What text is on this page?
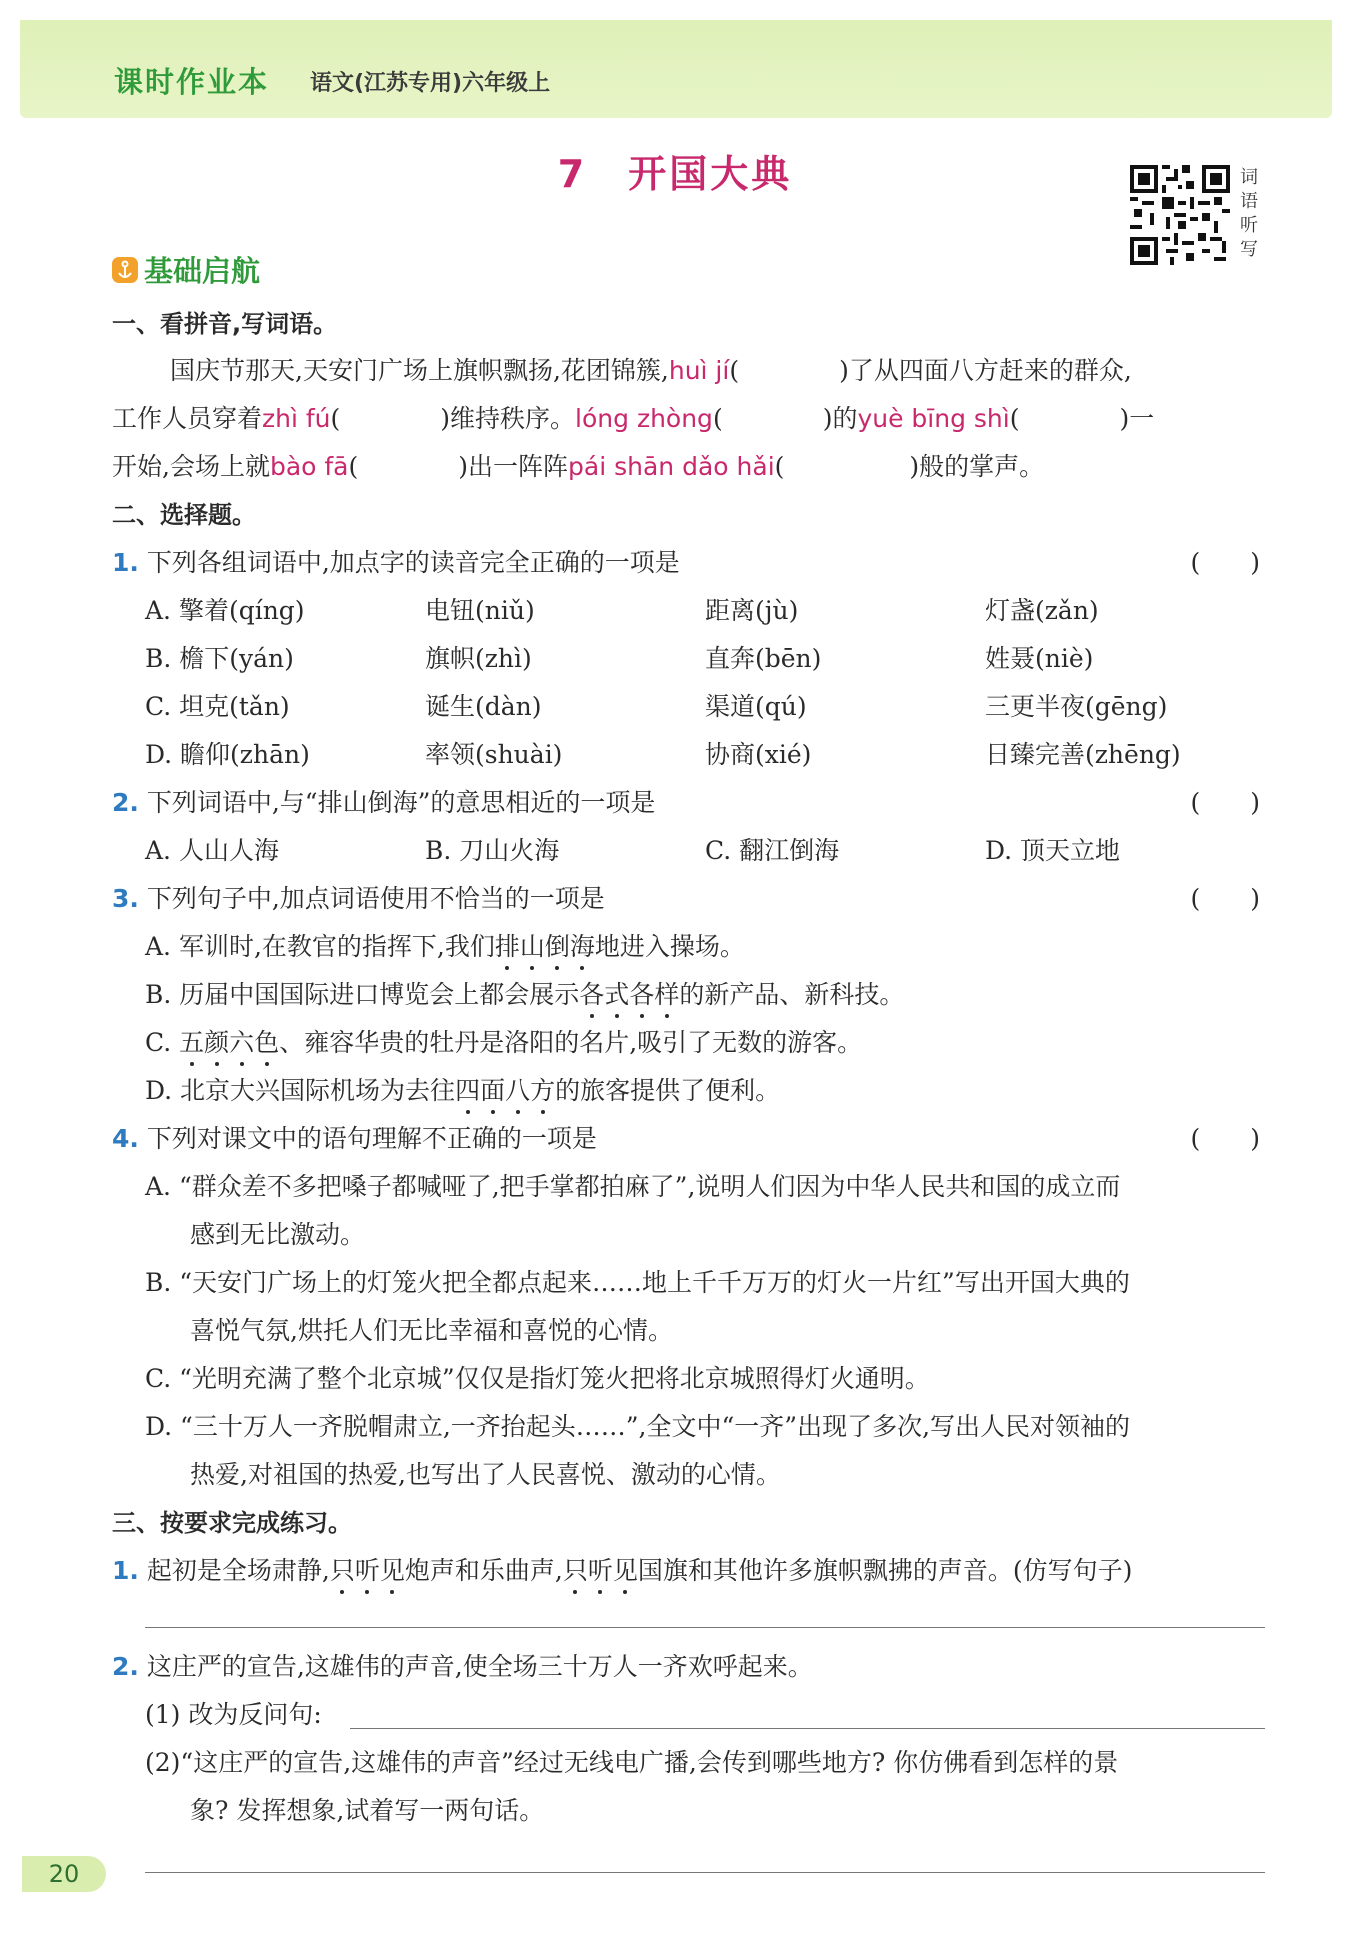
课时作业本 语文(江苏专用)六年级上
7　开国大典	词语听写
基础启航
一、看拼音,写词语。
国庆节那天,天安门广场上旗帜飘扬,花团锦簇,huì jí(　　　　)了从四面八方赶来的群众,
工作人员穿着zhì fú(　　　　)维持秩序。lóng zhòng(　　　　)的yuè bīng shì(　　　　)一
开始,会场上就bào fā(　　　　)出一阵阵pái shān dǎo hǎi(　　　　　)般的掌声。
二、选择题。
1. 下列各组词语中,加点字的读音完全正确的一项是	(　　)
A. 擎着(qíng)	电钮(niǔ)	距离(jù)	灯盏(zǎn)
B. 檐下(yán)	旗帜(zhì)	直奔(bēn)	姓聂(niè)
C. 坦克(tǎn)	诞生(dàn)	渠道(qú)	三更半夜(gēng)
D. 瞻仰(zhān)	率领(shuài)	协商(xié)	日臻完善(zhēng)
2. 下列词语中,与“排山倒海”的意思相近的一项是	(　　)
A. 人山人海	B. 刀山火海	C. 翻江倒海	D. 顶天立地
3. 下列句子中,加点词语使用不恰当的一项是	(　　)
A. 军训时,在教官的指挥下,我们排山倒海地进入操场。
B. 历届中国国际进口博览会上都会展示各式各样的新产品、新科技。
C. 五颜六色、雍容华贵的牡丹是洛阳的名片,吸引了无数的游客。
D. 北京大兴国际机场为去往四面八方的旅客提供了便利。
4. 下列对课文中的语句理解不正确的一项是	(　　)
A. “群众差不多把嗓子都喊哑了,把手掌都拍麻了”,说明人们因为中华人民共和国的成立而
感到无比激动。
B. “天安门广场上的灯笼火把全都点起来……地上千千万万的灯火一片红”写出开国大典的
喜悦气氛,烘托人们无比幸福和喜悦的心情。
C. “光明充满了整个北京城”仅仅是指灯笼火把将北京城照得灯火通明。
D. “三十万人一齐脱帽肃立,一齐抬起头……”,全文中“一齐”出现了多次,写出人民对领袖的
热爱,对祖国的热爱,也写出了人民喜悦、激动的心情。
三、按要求完成练习。
1. 起初是全场肃静,只听见炮声和乐曲声,只听见国旗和其他许多旗帜飘拂的声音。(仿写句子)
2. 这庄严的宣告,这雄伟的声音,使全场三十万人一齐欢呼起来。
(1) 改为反问句:
(2)“这庄严的宣告,这雄伟的声音”经过无线电广播,会传到哪些地方? 你仿佛看到怎样的景
象? 发挥想象,试着写一两句话。
20
